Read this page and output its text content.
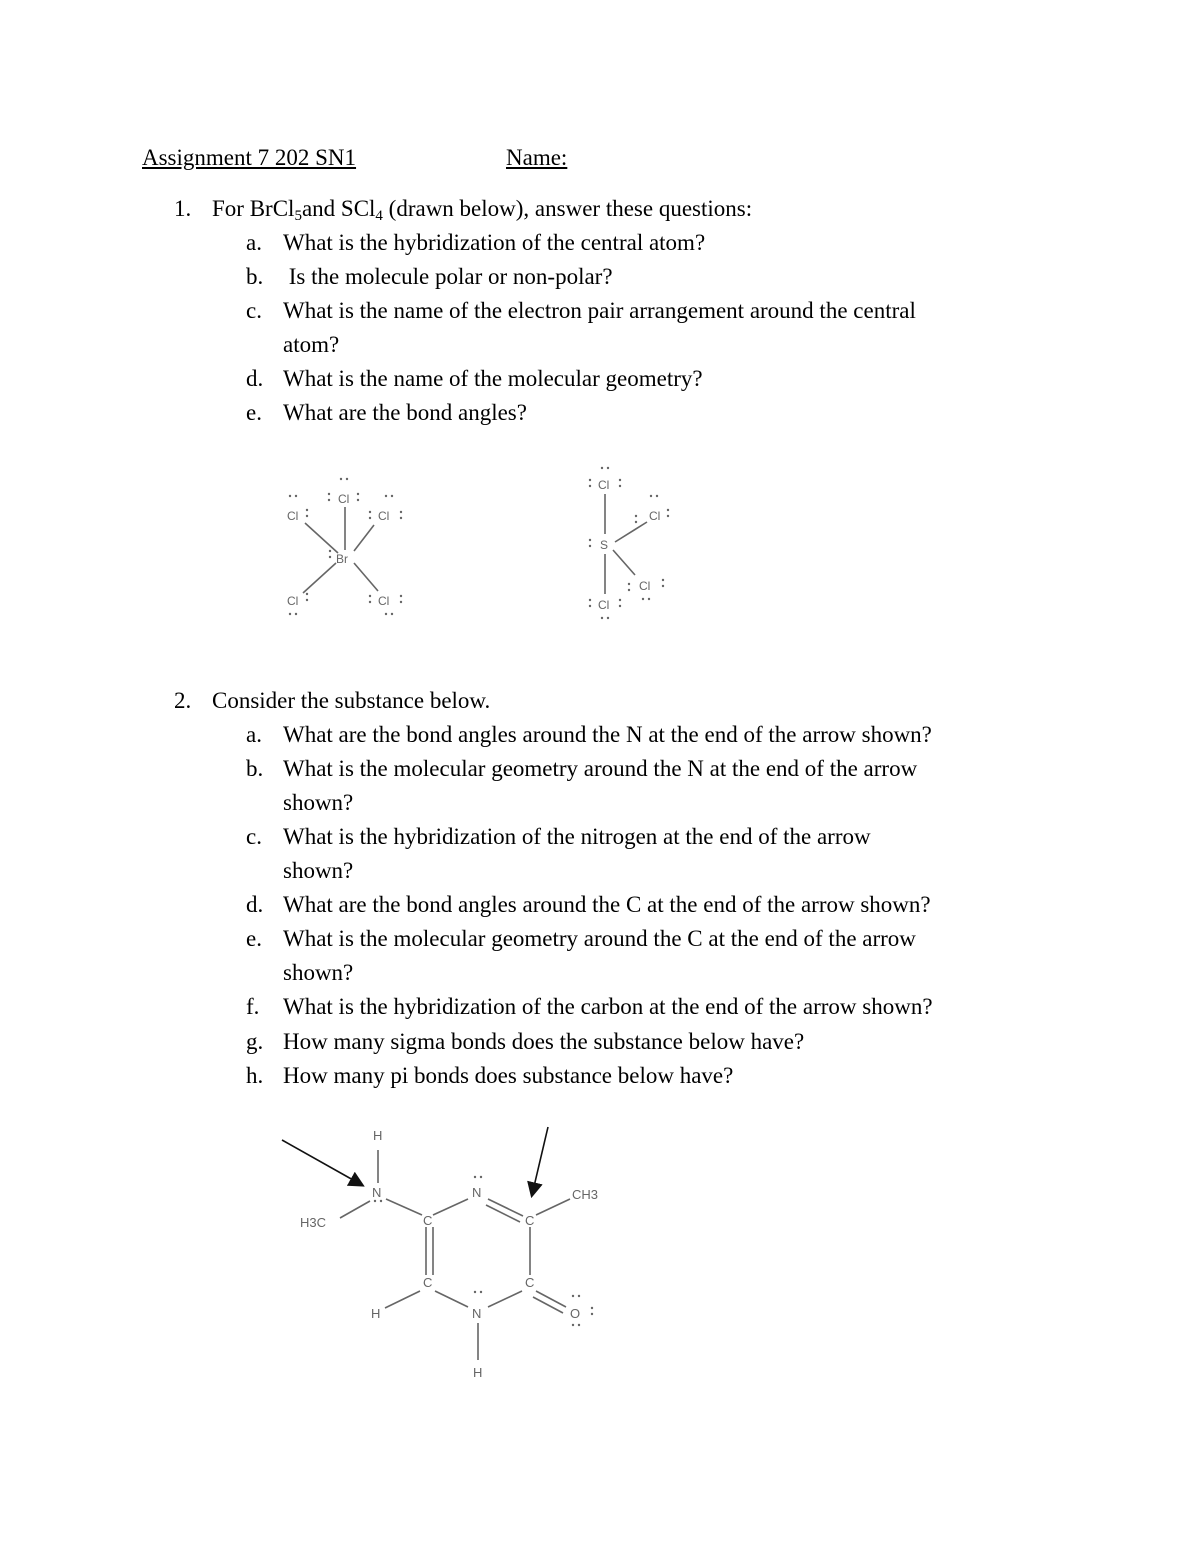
Assignment 7 202 SN1	Name:
1. For BrCl$_5$and SCl$_4$ (drawn below), answer these questions:
a. What is the hybridization of the central atom?
b. Is the molecule polar or non-polar?
c. What is the name of the electron pair arrangement around the central
atom?
d. What is the name of the molecular geometry?
e. What are the bond angles?
Br
Cl
Cl	Cl
Cl	Cl
S
Cl
Cl
Cl
Cl
2. Consider the substance below.
a. What are the bond angles around the N at the end of the arrow shown?
b. What is the molecular geometry around the N at the end of the arrow
shown?
c. What is the hybridization of the nitrogen at the end of the arrow
shown?
d. What are the bond angles around the C at the end of the arrow shown?
e. What is the molecular geometry around the C at the end of the arrow
shown?
f. What is the hybridization of the carbon at the end of the arrow shown?
g. How many sigma bonds does the substance below have?
h. How many pi bonds does substance below have?
H
N
H3C	C
N
C
CH3
C	C
H	N	O
H
